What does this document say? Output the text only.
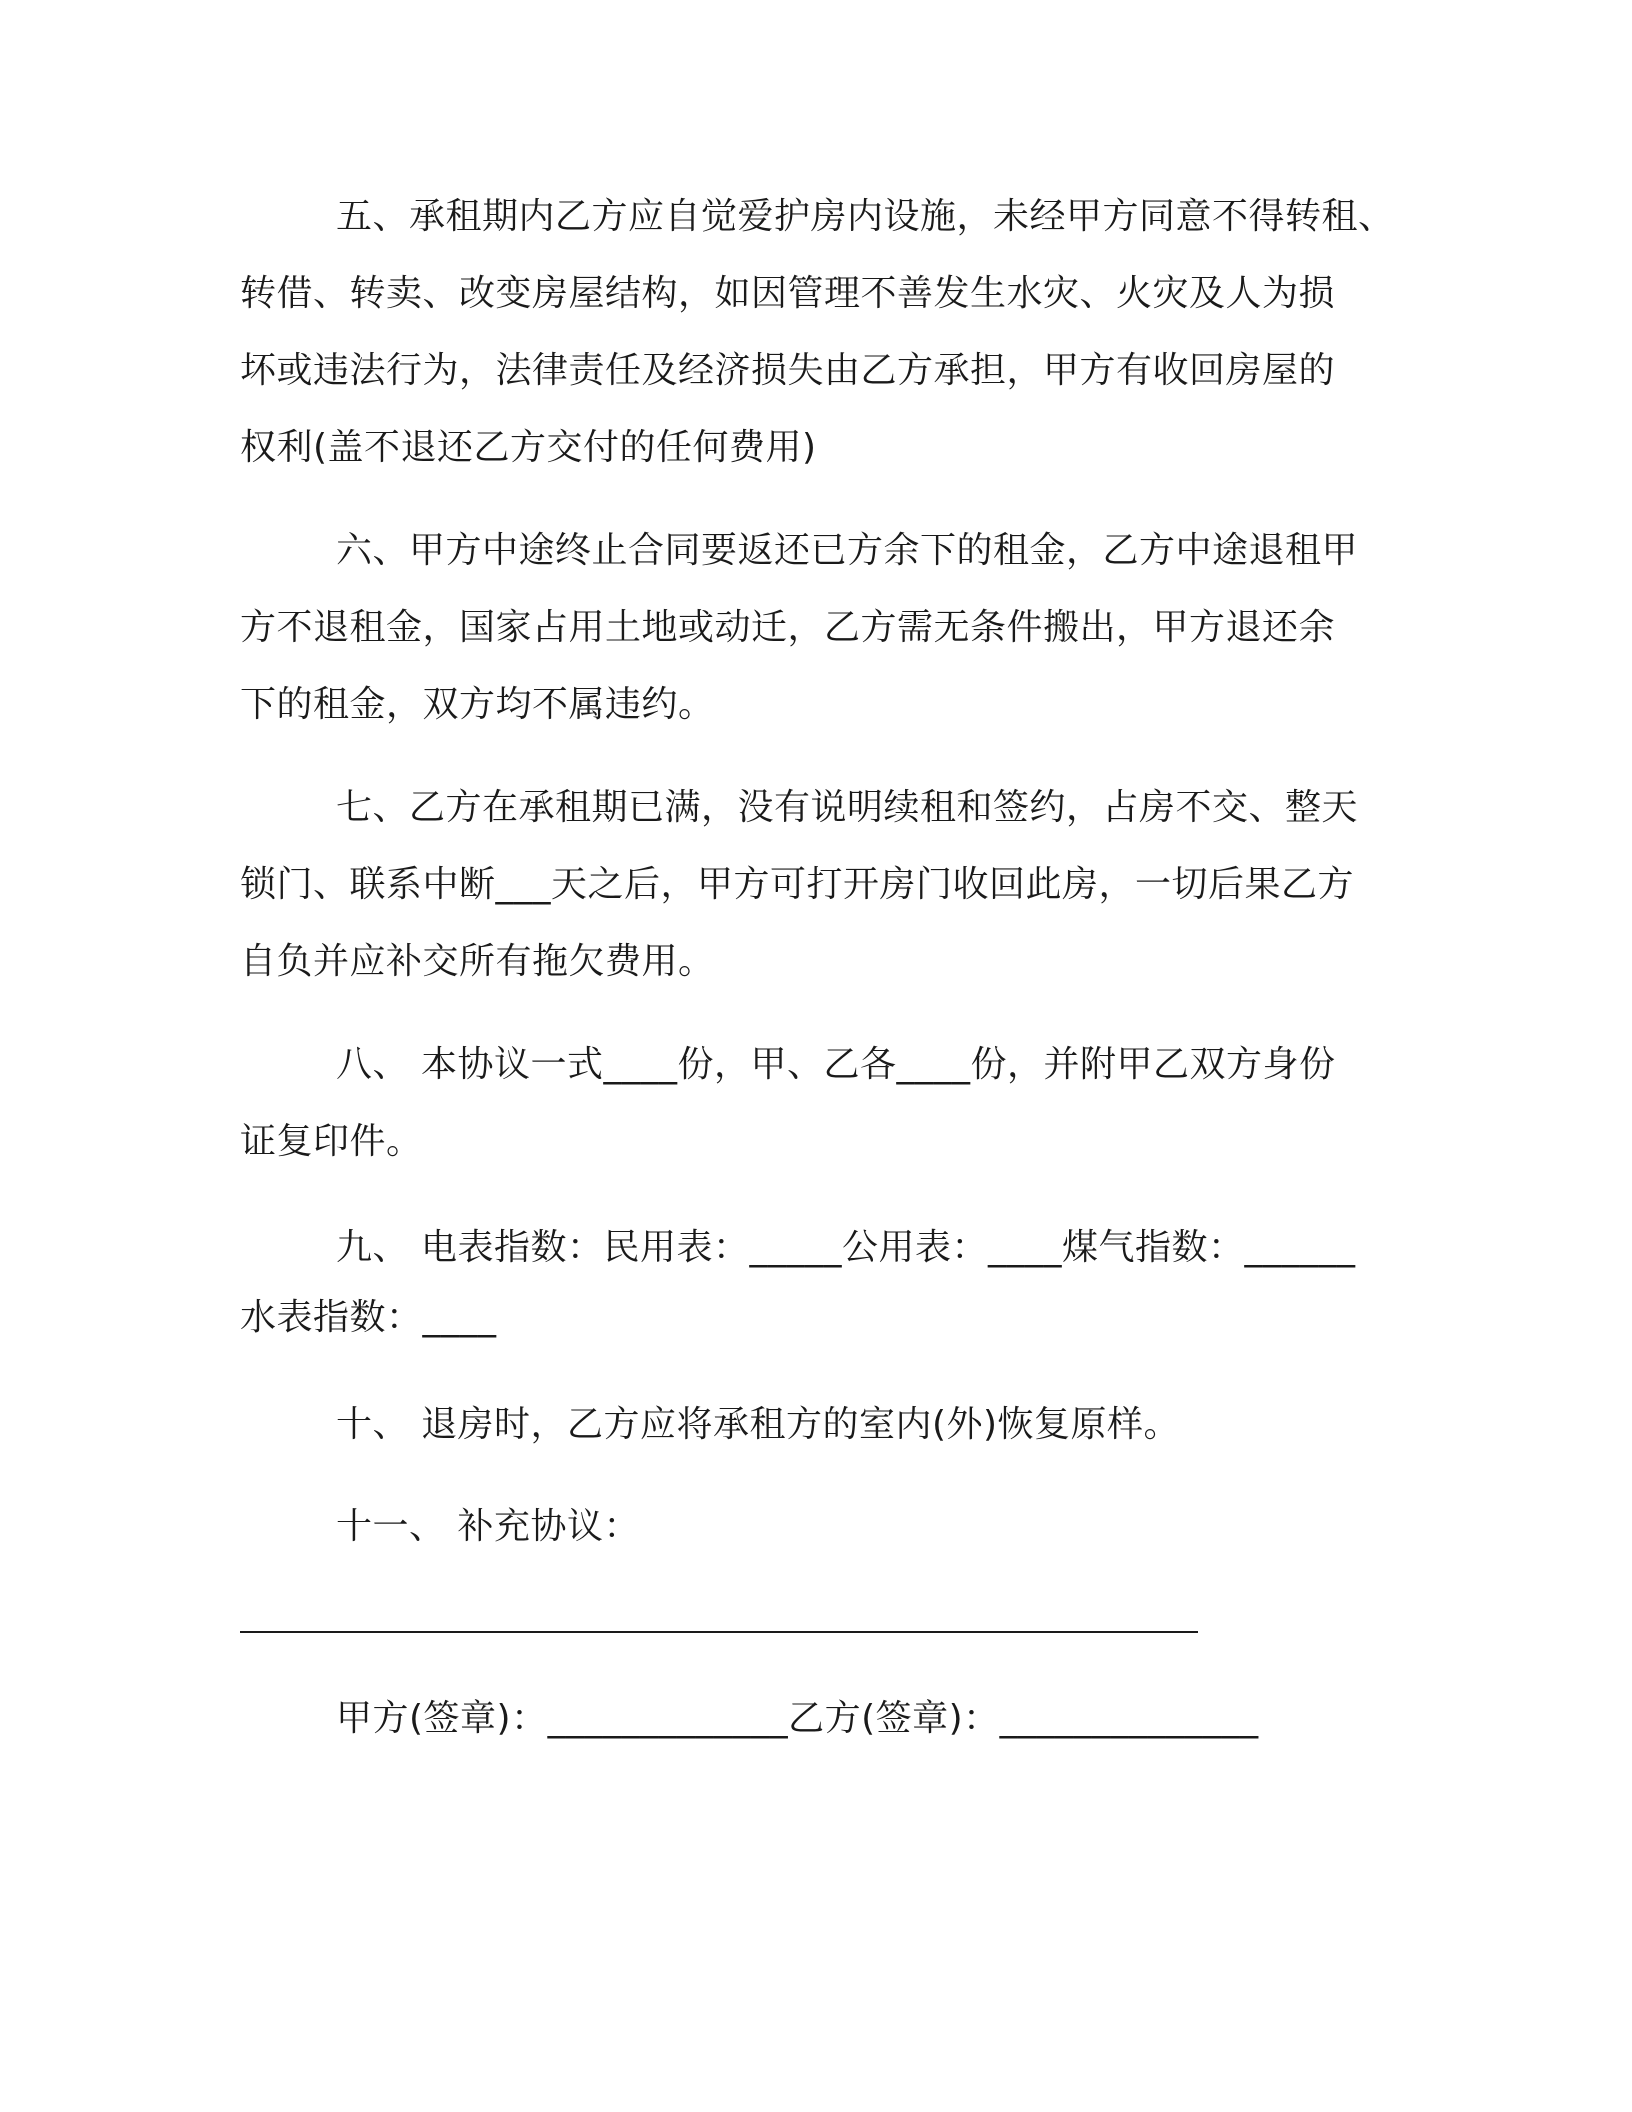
五、承租期内乙方应自觉爱护房内设施，未经甲方同意不得转租、
转借、转卖、改变房屋结构，如因管理不善发生水灾、火灾及人为损
坏或违法行为，法律责任及经济损失由乙方承担，甲方有收回房屋的
权利(盖不退还乙方交付的任何费用)
六、甲方中途终止合同要返还已方余下的租金，乙方中途退租甲
方不退租金，国家占用土地或动迁，乙方需无条件搬出，甲方退还余
下的租金，双方均不属违约。
七、乙方在承租期已满，没有说明续租和签约，占房不交、整天
锁门、联系中断___天之后，甲方可打开房门收回此房，一切后果乙方
自负并应补交所有拖欠费用。
八、 本协议一式____份，甲、乙各____份，并附甲乙双方身份
证复印件。
九、 电表指数：民用表：_____公用表：____煤气指数：______
水表指数：____
十、 退房时，乙方应将承租方的室内(外)恢复原样。
十一、 补充协议：
甲方(签章)：_____________乙方(签章)：______________
